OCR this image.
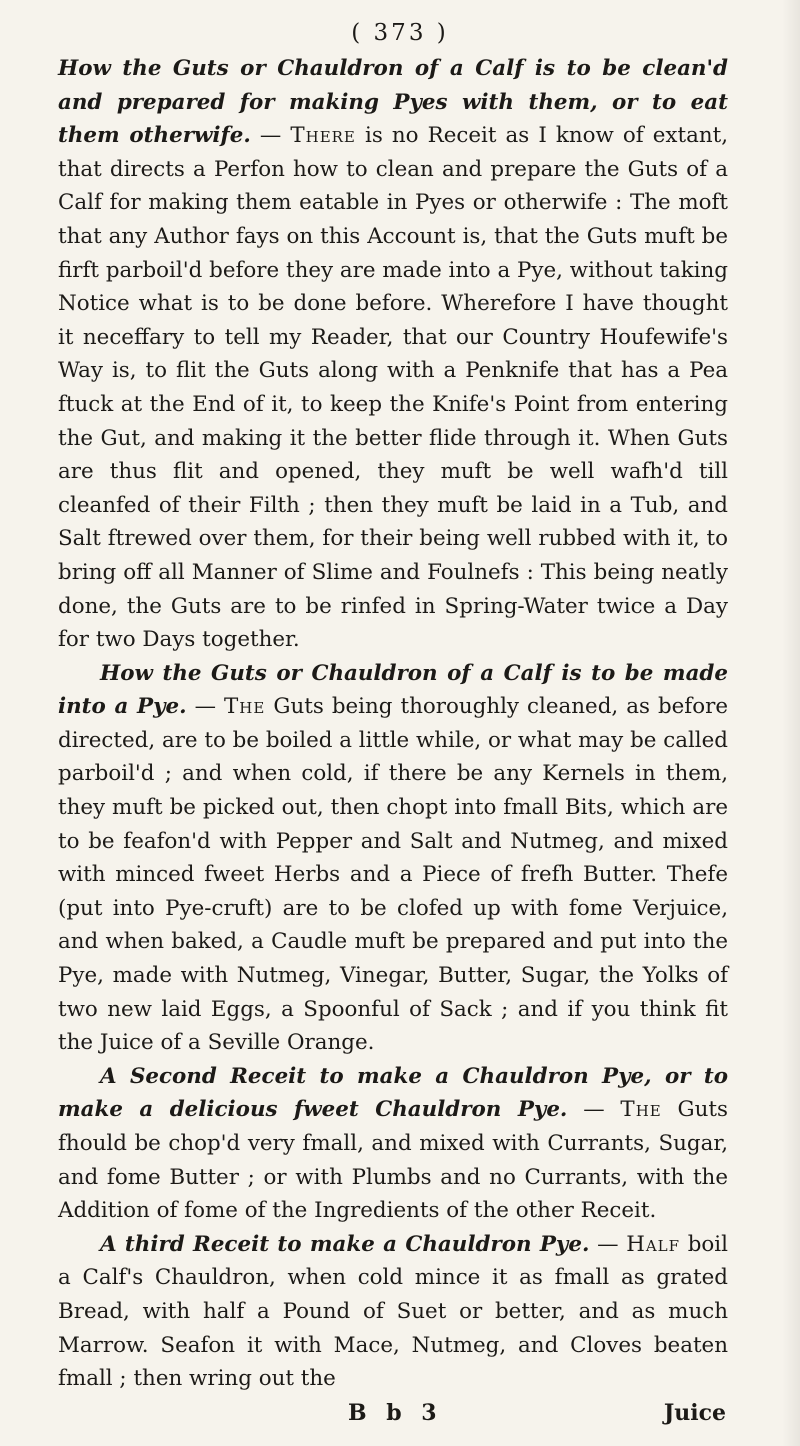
( 373 )

How the Guts or Chauldron of a Calf is to be clean'd and prepared for making Pyes with them, or to eat them otherwife. — There is no Receit as I know of extant, that directs a Perfon how to clean and prepare the Guts of a Calf for making them eatable in Pyes or otherwife : The moft that any Author fays on this Account is, that the Guts muft be firft parboil'd before they are made into a Pye, without taking Notice what is to be done before. Wherefore I have thought it neceffary to tell my Reader, that our Country Houfewife's Way is, to flit the Guts along with a Penknife that has a Pea ftuck at the End of it, to keep the Knife's Point from entering the Gut, and making it the better flide through it. When Guts are thus flit and opened, they muft be well wafh'd till cleanfed of their Filth ; then they muft be laid in a Tub, and Salt ftrewed over them, for their being well rubbed with it, to bring off all Manner of Slime and Foulnefs : This being neatly done, the Guts are to be rinfed in Spring-Water twice a Day for two Days together.

How the Guts or Chauldron of a Calf is to be made into a Pye. — The Guts being thoroughly cleaned, as before directed, are to be boiled a little while, or what may be called parboil'd ; and when cold, if there be any Kernels in them, they muft be picked out, then chopt into fmall Bits, which are to be feafon'd with Pepper and Salt and Nutmeg, and mixed with minced fweet Herbs and a Piece of frefh Butter. Thefe (put into Pye-cruft) are to be clofed up with fome Verjuice, and when baked, a Caudle muft be prepared and put into the Pye, made with Nutmeg, Vinegar, Butter, Sugar, the Yolks of two new laid Eggs, a Spoonful of Sack ; and if you think fit the Juice of a Seville Orange.

A Second Receit to make a Chauldron Pye, or to make a delicious fweet Chauldron Pye. — The Guts fhould be chop'd very fmall, and mixed with Currants, Sugar, and fome Butter ; or with Plumbs and no Currants, with the Addition of fome of the Ingredients of the other Receit.

A third Receit to make a Chauldron Pye. — Half boil a Calf's Chauldron, when cold mince it as fmall as grated Bread, with half a Pound of Suet or better, and as much Marrow. Seafon it with Mace, Nutmeg, and Cloves beaten fmall ; then wring out the

B b 3	Juice
